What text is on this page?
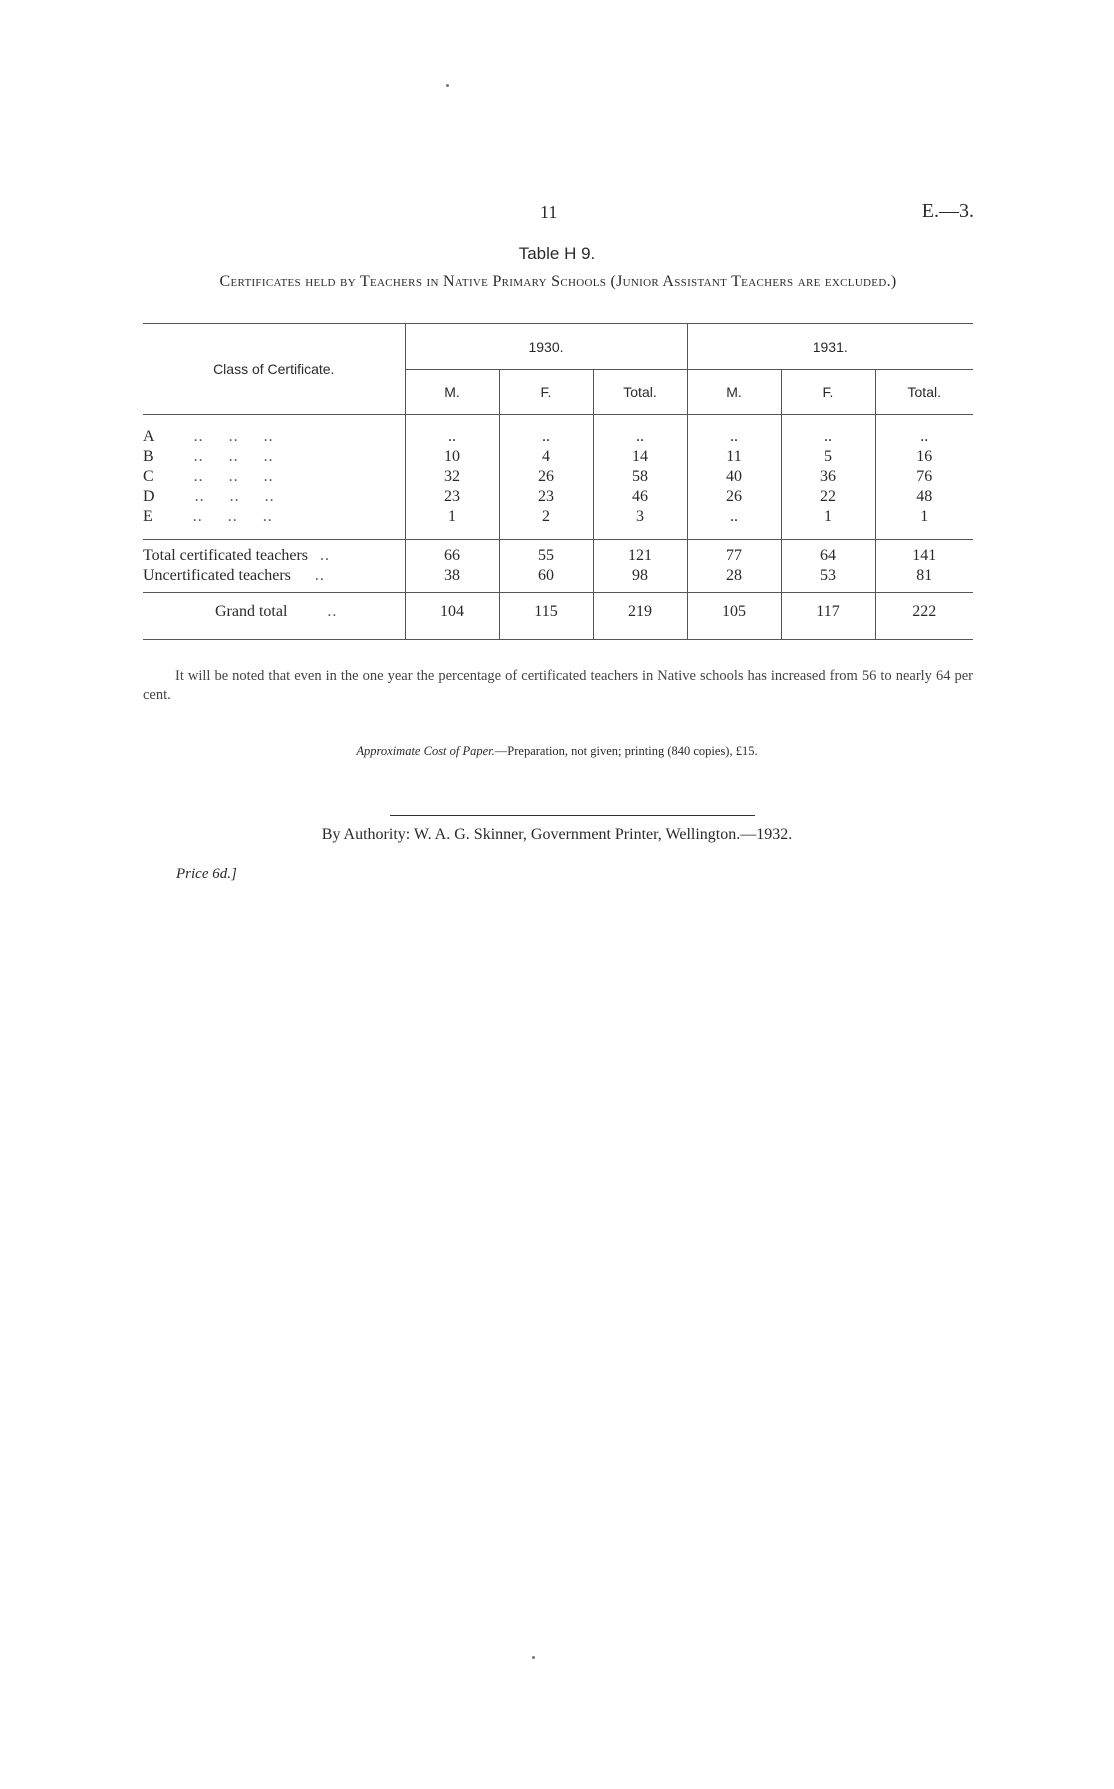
11	E.—3.
Table H 9.
Certificates held by Teachers in Native Primary Schools (Junior Assistant Teachers are excluded.)
Class of Certificate.	1930.			1931.		
	M.	F.	Total.	M.	F.	Total.

A ..     ..     ..	..	..	..	..	..	..
B ..     ..     ..	10	4	14	11	5	16
C ..     ..     ..	32	26	58	40	36	76
D ..     ..     ..	23	23	46	26	22	48
E ..     ..     ..	1	2	3	..	1	1

Total certificated teachers ..	66	55	121	77	64	141
Uncertificated teachers ..	38	60	98	28	53	81
Grand total ..	104	115	219	105	117	222

It will be noted that even in the one year the percentage of certificated teachers in Native schools has increased from 56 to nearly 64 per cent.
Approximate Cost of Paper.—Preparation, not given; printing (840 copies), £15.
By Authority: W. A. G. Skinner, Government Printer, Wellington.—1932.
Price 6d.]
